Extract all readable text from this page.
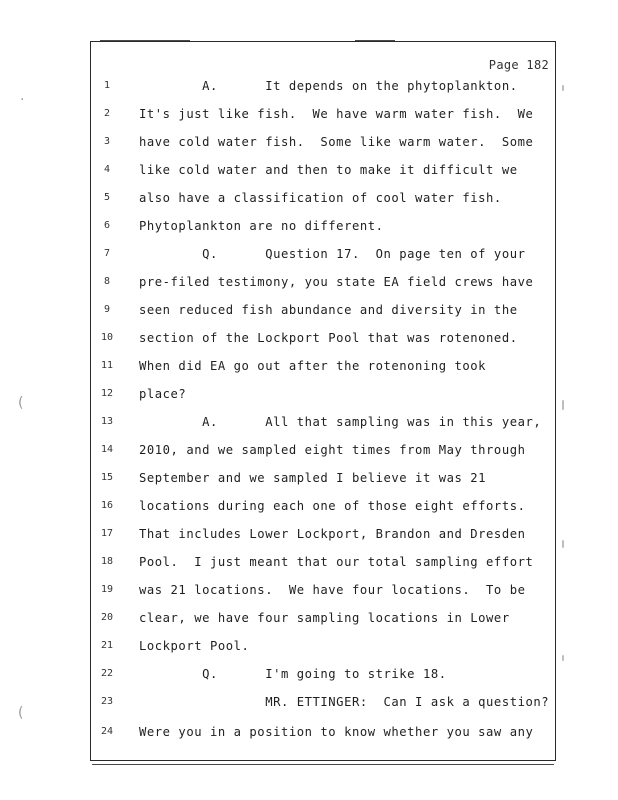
Page 182
·
(
(
1	A.      It depends on the phytoplankton.
2	It's just like fish.  We have warm water fish.  We
3	have cold water fish.  Some like warm water.  Some
4	like cold water and then to make it difficult we
5	also have a classification of cool water fish.
6	Phytoplankton are no different.
7	Q.      Question 17.  On page ten of your
8	pre-filed testimony, you state EA field crews have
9	seen reduced fish abundance and diversity in the
10	section of the Lockport Pool that was rotenoned.
11	When did EA go out after the rotenoning took
12	place?
13	A.      All that sampling was in this year,
14	2010, and we sampled eight times from May through
15	September and we sampled I believe it was 21
16	locations during each one of those eight efforts.
17	That includes Lower Lockport, Brandon and Dresden
18	Pool.  I just meant that our total sampling effort
19	was 21 locations.  We have four locations.  To be
20	clear, we have four sampling locations in Lower
21	Lockport Pool.
22	Q.      I'm going to strike 18.
23	MR. ETTINGER:  Can I ask a question?
24	Were you in a position to know whether you saw any
